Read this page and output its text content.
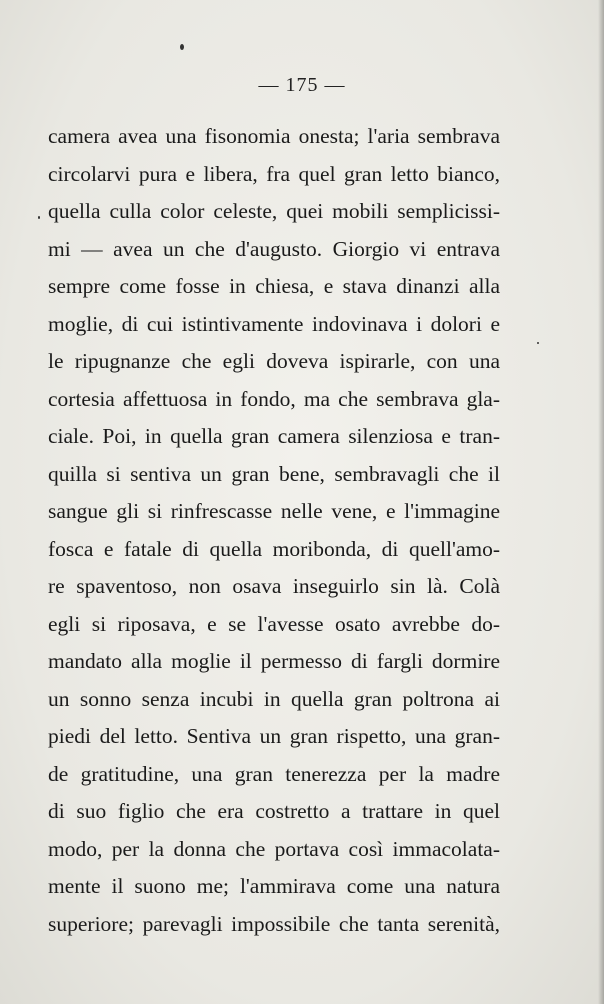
— 175 —
camera avea una fisonomia onesta; l'aria sembrava
circolarvi pura e libera, fra quel gran letto bianco,
quella culla color celeste, quei mobili semplicissi-
mi — avea un che d'augusto. Giorgio vi entrava
sempre come fosse in chiesa, e stava dinanzi alla
moglie, di cui istintivamente indovinava i dolori e
le ripugnanze che egli doveva ispirarle, con una
cortesia affettuosa in fondo, ma che sembrava gla-
ciale. Poi, in quella gran camera silenziosa e tran-
quilla si sentiva un gran bene, sembravagli che il
sangue gli si rinfrescasse nelle vene, e l'immagine
fosca e fatale di quella moribonda, di quell'amo-
re spaventoso, non osava inseguirlo sin là. Colà
egli si riposava, e se l'avesse osato avrebbe do-
mandato alla moglie il permesso di fargli dormire
un sonno senza incubi in quella gran poltrona ai
piedi del letto. Sentiva un gran rispetto, una gran-
de gratitudine, una gran tenerezza per la madre
di suo figlio che era costretto a trattare in quel
modo, per la donna che portava così immacolata-
mente il suono me; l'ammirava come una natura
superiore; parevagli impossibile che tanta serenità,
